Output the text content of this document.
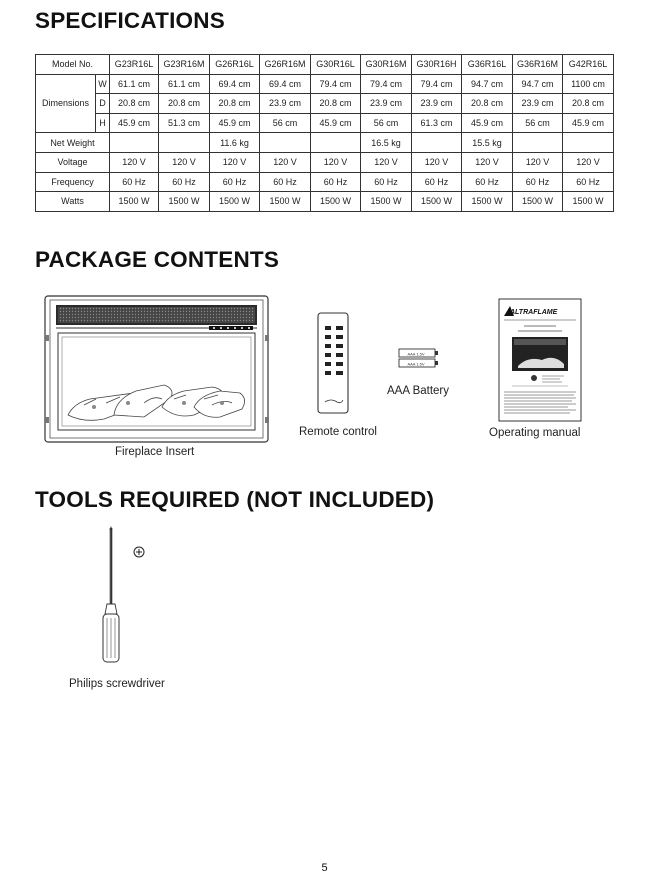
SPECIFICATIONS
Model No.		G23R16L	G23R16M	G26R16L	G26R16M	G30R16L	G30R16M	G30R16H	G36R16L	G36R16M	G42R16L
Dimensions	W	61.1 cm	61.1 cm	69.4 cm	69.4 cm	79.4 cm	79.4 cm	79.4 cm	94.7 cm	94.7 cm	1100 cm
	D	20.8 cm	20.8 cm	20.8 cm	23.9 cm	20.8 cm	23.9 cm	23.9 cm	20.8 cm	23.9 cm	20.8 cm
	H	45.9 cm	51.3 cm	45.9 cm	56 cm	45.9 cm	56 cm	61.3 cm	45.9 cm	56 cm	45.9 cm
Net Weight				11.6 kg			16.5 kg		15.5 kg		
Voltage		120 V	120 V	120 V	120 V	120 V	120 V	120 V	120 V	120 V	120 V
Frequency		60 Hz	60 Hz	60 Hz	60 Hz	60 Hz	60 Hz	60 Hz	60 Hz	60 Hz	60 Hz
Watts		1500 W	1500 W	1500 W	1500 W	1500 W	1500 W	1500 W	1500 W	1500 W	1500 W
PACKAGE CONTENTS
Fireplace Insert
Remote control
AAA 1.5V
AAA 1.5V
AAA Battery
ALTRAFLAME
Operating manual
TOOLS REQUIRED (NOT INCLUDED)
Philips screwdriver
5
